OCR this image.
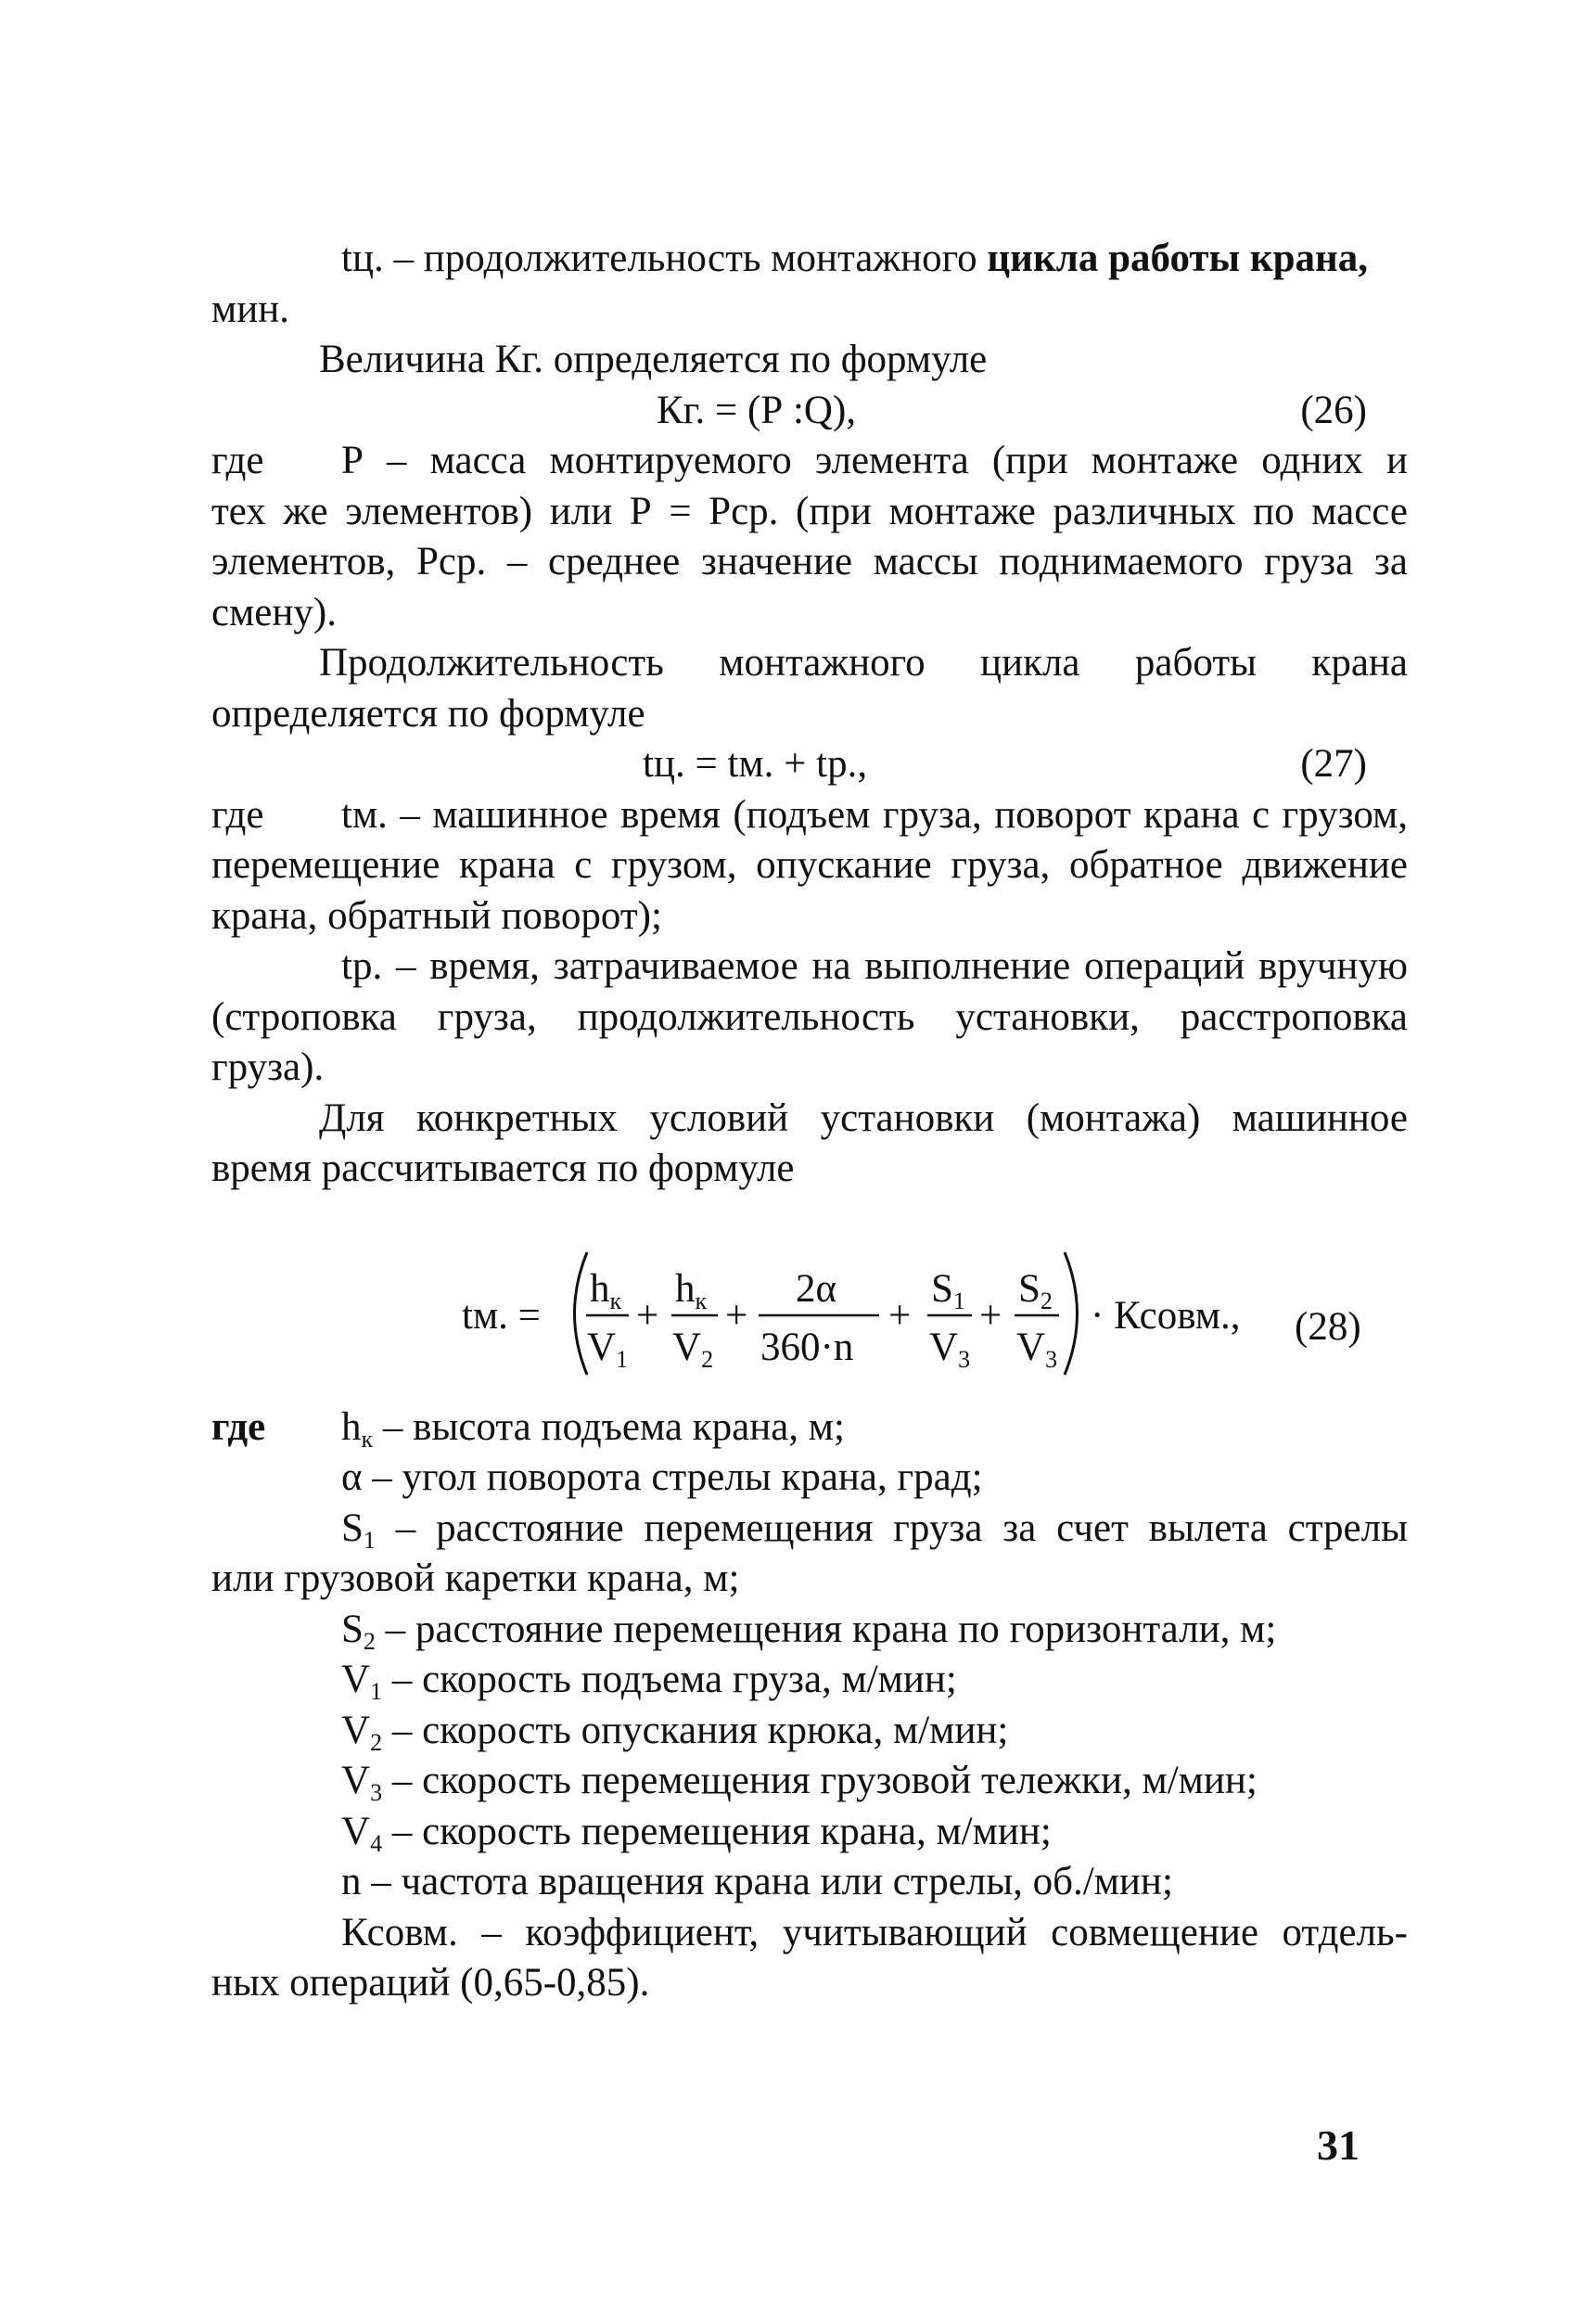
tц. – продолжительность монтажного цикла работы крана,
мин.
Величина Кг. определяется по формуле
Кг. = (Р :Q),	(26)
где Р – масса монтируемого элемента (при монтаже одних и
тех же элементов) или Р = Рср. (при монтаже различных по массе
элементов, Рср. – среднее значение массы поднимаемого груза за
смену).
Продолжительность монтажного цикла работы крана
определяется по формуле
tц. = tм. + tр.,	(27)
где tм. – машинное время (подъем груза, поворот крана с грузом,
перемещение крана с грузом, опускание груза, обратное движение
крана, обратный поворот);
tр. – время, затрачиваемое на выполнение операций вручную
(строповка груза, продолжительность установки, расстроповка
груза).
Для конкретных условий установки (монтажа) машинное
время рассчитывается по формуле
tм. =
hк
V1
+
hк
V2
+
2α
360·n
+
S1
V3
+
S2
V3
· Ксовм., (28)
где $h_к$ – высота подъема крана, м;
α – угол поворота стрелы крана, град;
$S_1$ – расстояние перемещения груза за счет вылета стрелы
или грузовой каретки крана, м;
$S_2$ – расстояние перемещения крана по горизонтали, м;
$V_1$ – скорость подъема груза, м/мин;
$V_2$ – скорость опускания крюка, м/мин;
$V_3$ – скорость перемещения грузовой тележки, м/мин;
$V_4$ – скорость перемещения крана, м/мин;
n – частота вращения крана или стрелы, об./мин;
Ксовм. – коэффициент, учитывающий совмещение отдель-
ных операций (0,65-0,85).
31
